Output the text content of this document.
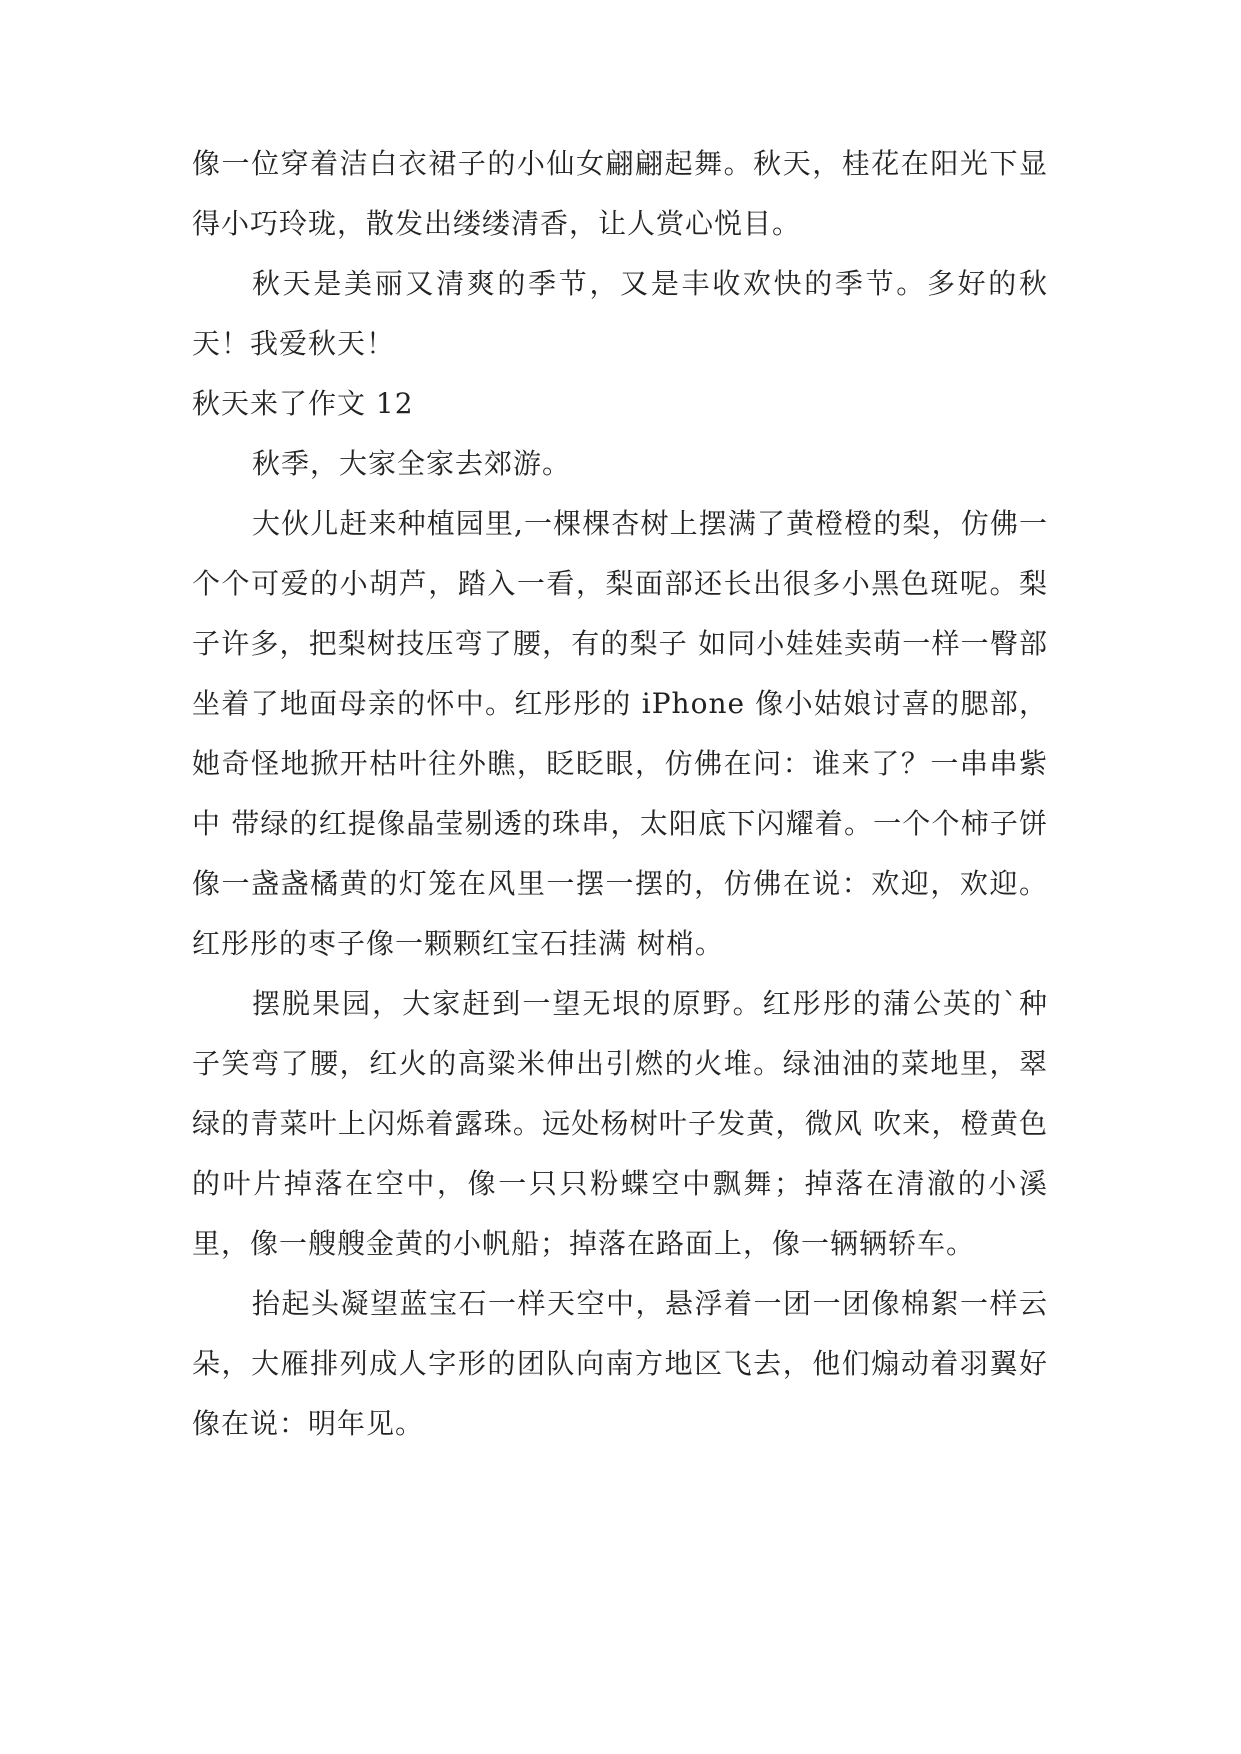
像一位穿着洁白衣裙子的小仙女翩翩起舞。秋天，桂花在阳光下显得小巧玲珑，散发出缕缕清香，让人赏心悦目。

秋天是美丽又清爽的季节，又是丰收欢快的季节。多好的秋天！我爱秋天！

秋天来了作文 12

秋季，大家全家去郊游。

大伙儿赶来种植园里,一棵棵杏树上摆满了黄橙橙的梨，仿佛一个个可爱的小胡芦，踏入一看，梨面部还长出很多小黑色斑呢。梨子许多，把梨树技压弯了腰，有的梨子 如同小娃娃卖萌一样一臀部坐着了地面母亲的怀中。红彤彤的 iPhone 像小姑娘讨喜的腮部，她奇怪地掀开枯叶往外瞧，眨眨眼，仿佛在问：谁来了？一串串紫中 带绿的红提像晶莹剔透的珠串，太阳底下闪耀着。一个个柿子饼像一盏盏橘黄的灯笼在风里一摆一摆的，仿佛在说：欢迎，欢迎。红彤彤的枣子像一颗颗红宝石挂满 树梢。

摆脱果园，大家赶到一望无垠的原野。红彤彤的蒲公英的`种子笑弯了腰，红火的高粱米伸出引燃的火堆。绿油油的菜地里，翠绿的青菜叶上闪烁着露珠。远处杨树叶子发黄，微风 吹来，橙黄色的叶片掉落在空中，像一只只粉蝶空中飘舞；掉落在清澈的小溪里，像一艘艘金黄的小帆船；掉落在路面上，像一辆辆轿车。

抬起头凝望蓝宝石一样天空中，悬浮着一团一团像棉絮一样云朵，大雁排列成人字形的团队向南方地区飞去，他们煽动着羽翼好像在说：明年见。
